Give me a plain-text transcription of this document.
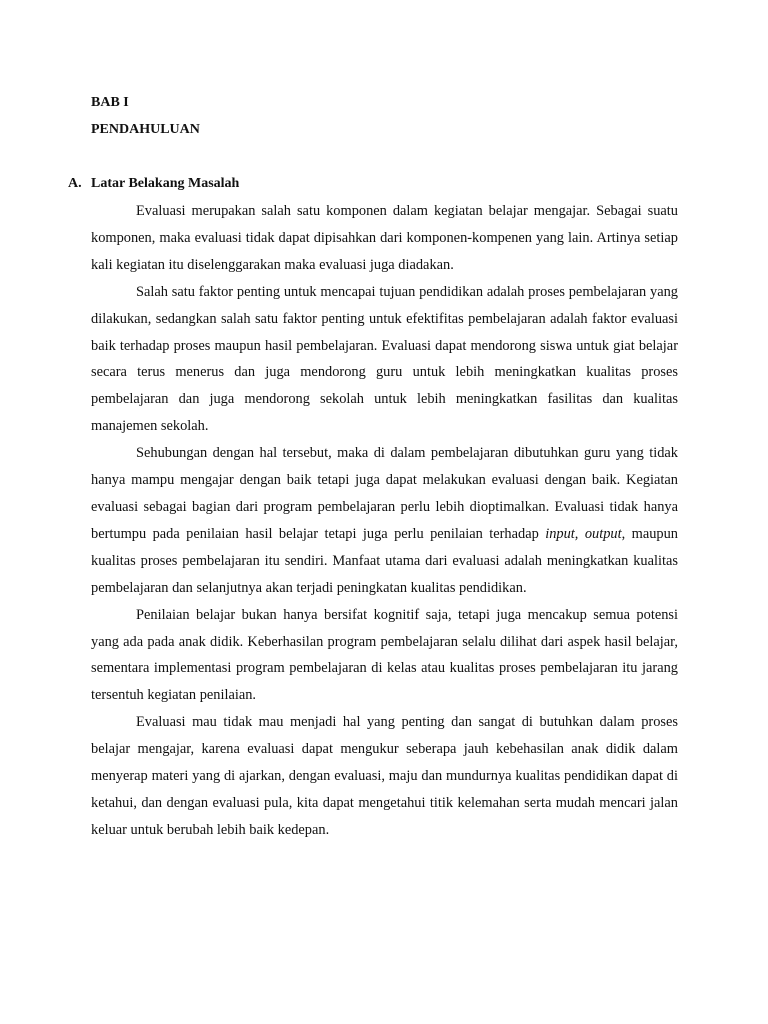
BAB I
PENDAHULUAN
A. Latar Belakang Masalah

Evaluasi merupakan salah satu komponen dalam kegiatan belajar mengajar. Sebagai suatu komponen, maka evaluasi tidak dapat dipisahkan dari komponen-kompenen yang lain. Artinya setiap kali kegiatan itu diselenggarakan maka evaluasi juga diadakan.

Salah satu faktor penting untuk mencapai tujuan pendidikan adalah proses pembelajaran yang dilakukan, sedangkan salah satu faktor penting untuk efektifitas pembelajaran adalah faktor evaluasi baik terhadap proses maupun hasil pembelajaran. Evaluasi dapat mendorong siswa untuk giat belajar secara terus menerus dan juga mendorong guru untuk lebih meningkatkan kualitas proses pembelajaran dan juga mendorong sekolah untuk lebih meningkatkan fasilitas dan kualitas manajemen sekolah.

Sehubungan dengan hal tersebut, maka di dalam pembelajaran dibutuhkan guru yang tidak hanya mampu mengajar dengan baik tetapi juga dapat melakukan evaluasi dengan baik. Kegiatan evaluasi sebagai bagian dari program pembelajaran perlu lebih dioptimalkan. Evaluasi tidak hanya bertumpu pada penilaian hasil belajar tetapi juga perlu penilaian terhadap input, output, maupun kualitas proses pembelajaran itu sendiri. Manfaat utama dari evaluasi adalah meningkatkan kualitas pembelajaran dan selanjutnya akan terjadi peningkatan kualitas pendidikan.

Penilaian belajar bukan hanya bersifat kognitif saja, tetapi juga mencakup semua potensi yang ada pada anak didik. Keberhasilan program pembelajaran selalu dilihat dari aspek hasil belajar, sementara implementasi program pembelajaran di kelas atau kualitas proses pembelajaran itu jarang tersentuh kegiatan penilaian.

Evaluasi mau tidak mau menjadi hal yang penting dan sangat di butuhkan dalam proses belajar mengajar, karena evaluasi dapat mengukur seberapa jauh kebehasilan anak didik dalam menyerap materi yang di ajarkan, dengan evaluasi, maju dan mundurnya kualitas pendidikan dapat di ketahui, dan dengan evaluasi pula, kita dapat mengetahui titik kelemahan serta mudah mencari jalan keluar untuk berubah lebih baik kedepan.
